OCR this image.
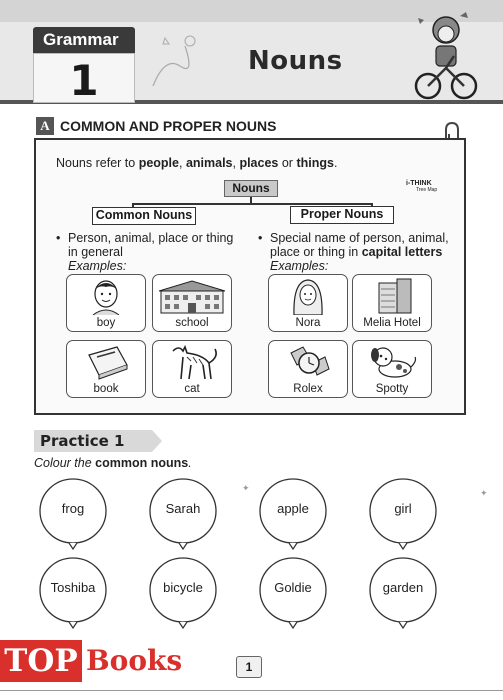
Grammar
1	Nouns
A COMMON AND PROPER NOUNS
Nouns refer to people, animals, places or things.
Nouns
Common Nouns	Proper Nouns
i-THINK
Tree Map
• Person, animal, place or thing in general
Examples:
• Special name of person, animal, place or thing in capital letters
Examples:
boy	school
book	cat
Nora	Melia Hotel
Rolex	Spotty
Practice 1
Colour the common nouns.
✦	✦
frog	Sarah	apple	girl
Toshiba	bicycle	Goldie	garden
TOP Books	1
